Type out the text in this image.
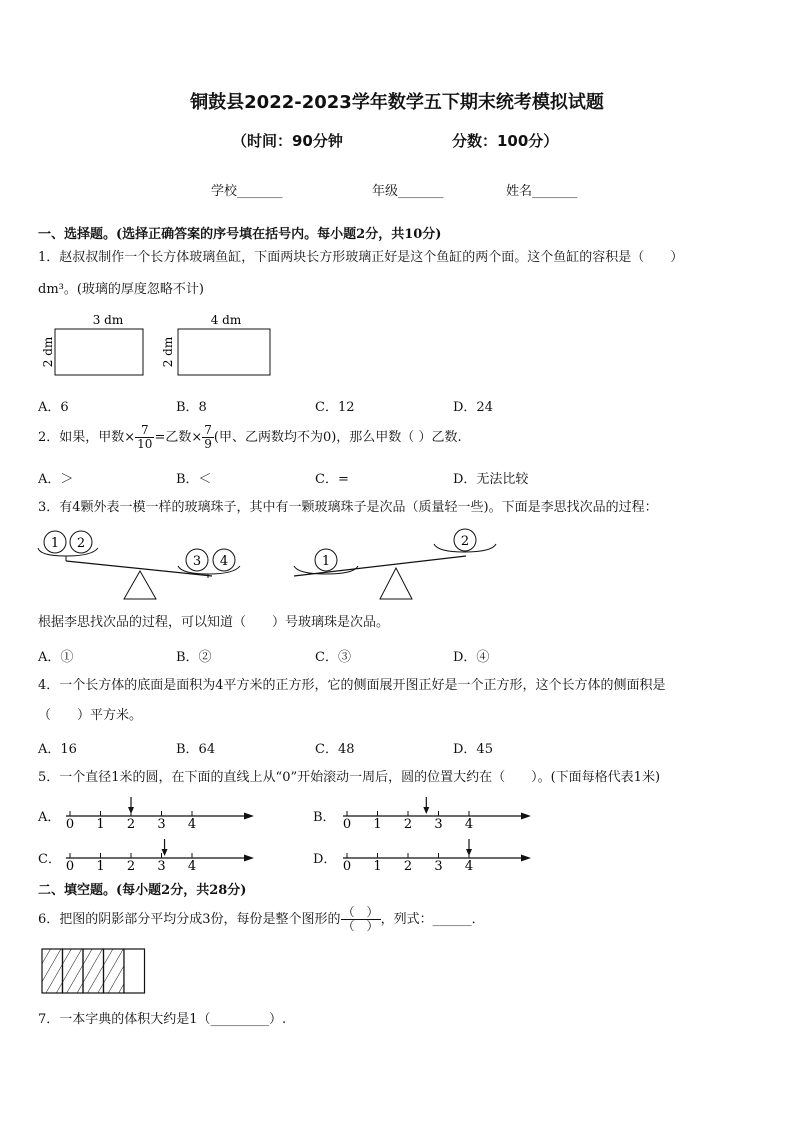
铜鼓县2022-2023学年数学五下期末统考模拟试题
（时间：90分钟	分数：100分）
学校_______	年级_______	姓名_______
一、选择题。(选择正确答案的序号填在括号内。每小题2分，共10分)
1．赵叔叔制作一个长方体玻璃鱼缸，下面两块长方形玻璃正好是这个鱼缸的两个面。这个鱼缸的容积是（　　）
dm³。(玻璃的厚度忽略不计)
3 dm
2 dm
4 dm
2 dm
A．6	B．8	C．12	D．24
2．如果，甲数× $\frac{7}{10}$ =乙数× $\frac{7}{9}$ (甲、乙两数均不为0)，那么甲数（ ）乙数.
A．＞	B．＜	C．=	D．无法比较
3．有4颗外表一模一样的玻璃珠子，其中有一颗玻璃珠子是次品（质量轻一些)。下面是李思找次品的过程：
1 2
3 4	1
2
根据李思找次品的过程，可以知道（　　）号玻璃珠是次品。
A．①	B．②	C．③	D．④
4．一个长方体的底面是面积为4平方米的正方形，它的侧面展开图正好是一个正方形，这个长方体的侧面积是
（　　）平方米。
A．16	B．64	C．48	D．45
5．一个直径1米的圆，在下面的直线上从“0”开始滚动一周后，圆的位置大约在（　　）。(下面每格代表1米)
A．	B．
C．	D．
0 1 2 3 4	0 1 2 3 4
0 1 2 3 4	0 1 2 3 4
二、填空题。(每小题2分，共28分)
6．把图的阴影部分平均分成3份，每份是整个图形的 $\frac{( )}{( )}$ ，列式：______．
7．一本字典的体积大约是1（_________）.
